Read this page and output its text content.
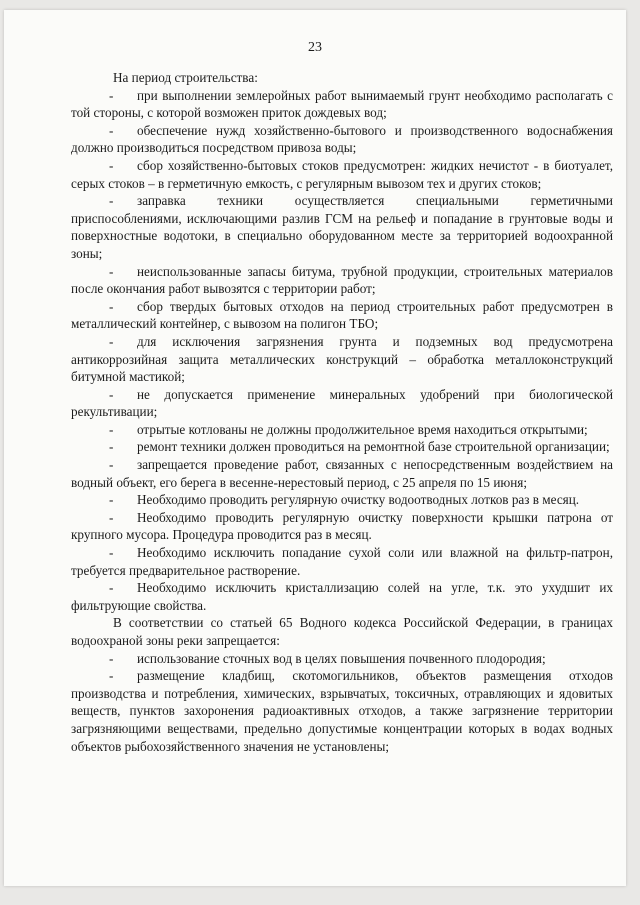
23

На период строительства:

- при выполнении землеройных работ вынимаемый грунт необходимо располагать с той стороны, с которой возможен приток дождевых вод;

- обеспечение нужд хозяйственно-бытового и производственного водоснабжения должно производиться посредством привоза воды;

- сбор хозяйственно-бытовых стоков предусмотрен: жидких нечистот - в биотуалет, серых стоков – в герметичную емкость, с регулярным вывозом тех и других стоков;

- заправка техники осуществляется специальными герметичными приспособлениями, исключающими разлив ГСМ на рельеф и попадание в грунтовые воды и поверхностные водотоки, в специально оборудованном месте за территорией водоохранной зоны;

- неиспользованные запасы битума, трубной продукции, строительных материалов после окончания работ вывозятся с территории работ;

- сбор твердых бытовых отходов на период строительных работ предусмотрен в металлический контейнер, с вывозом на полигон ТБО;

- для исключения загрязнения грунта и подземных вод предусмотрена антикоррозийная защита металлических конструкций – обработка металлоконструкций битумной мастикой;

- не допускается применение минеральных удобрений при биологической рекультивации;

- отрытые котлованы не должны продолжительное время находиться открытыми;

- ремонт техники должен проводиться на ремонтной базе строительной организации;

- запрещается проведение работ, связанных с непосредственным воздействием на водный объект, его берега в весенне-нерестовый период, с 25 апреля по 15 июня;

- Необходимо проводить регулярную очистку водоотводных лотков раз в месяц.

- Необходимо проводить регулярную очистку поверхности крышки патрона от крупного мусора. Процедура проводится раз в месяц.

- Необходимо исключить попадание сухой соли или влажной на фильтр-патрон, требуется предварительное растворение.

- Необходимо исключить кристаллизацию солей на угле, т.к. это ухудшит их фильтрующие свойства.

В соответствии со статьей 65 Водного кодекса Российской Федерации, в границах водоохраной зоны реки запрещается:

- использование сточных вод в целях повышения почвенного плодородия;

- размещение кладбищ, скотомогильников, объектов размещения отходов производства и потребления, химических, взрывчатых, токсичных, отравляющих и ядовитых веществ, пунктов захоронения радиоактивных отходов, а также загрязнение территории загрязняющими веществами, предельно допустимые концентрации которых в водах водных объектов рыбохозяйственного значения не установлены;
